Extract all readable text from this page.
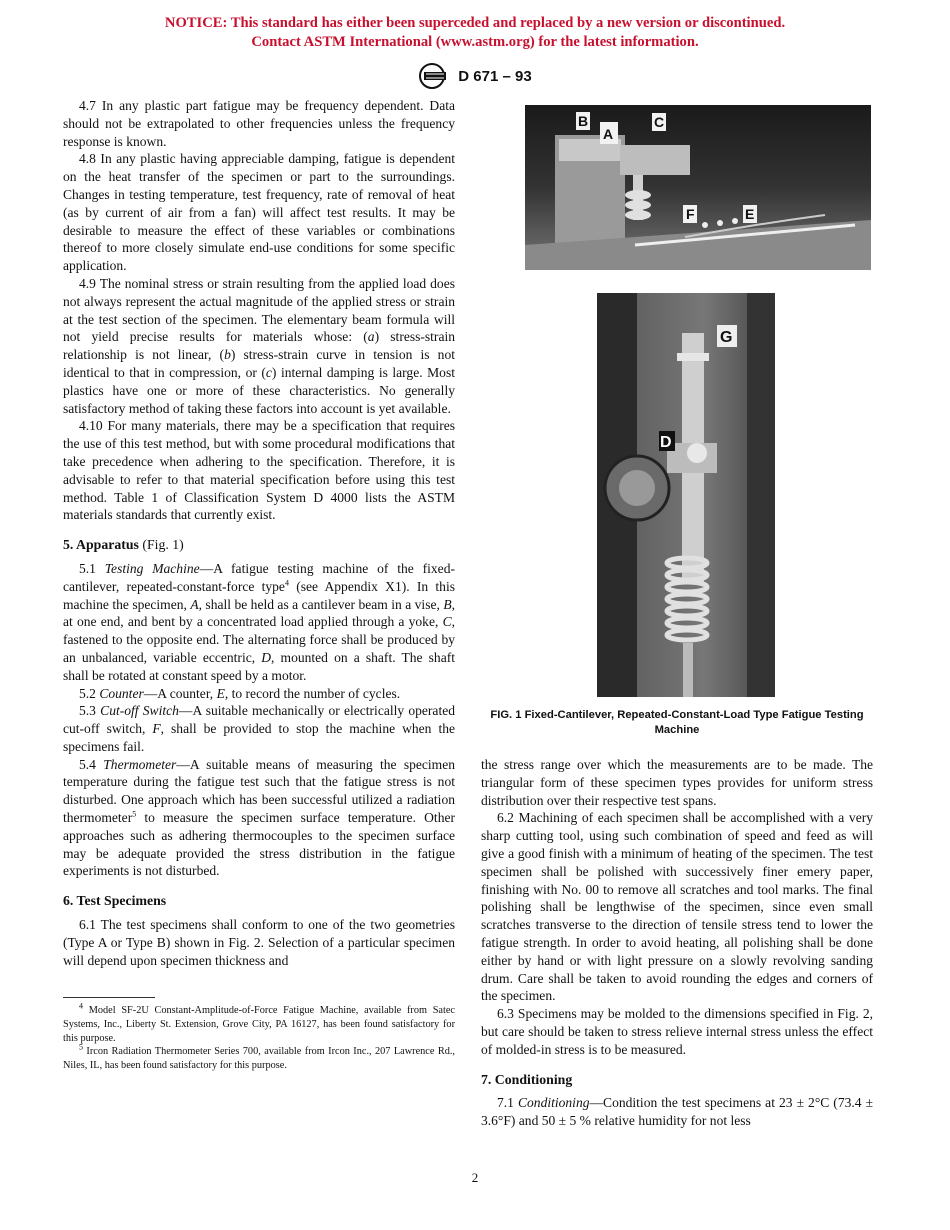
NOTICE: This standard has either been superceded and replaced by a new version or discontinued.
Contact ASTM International (www.astm.org) for the latest information.
D 671 – 93

4.7 In any plastic part fatigue may be frequency dependent. Data should not be extrapolated to other frequencies unless the frequency response is known.

4.8 In any plastic having appreciable damping, fatigue is dependent on the heat transfer of the specimen or part to the surroundings. Changes in testing temperature, test frequency, rate of removal of heat (as by current of air from a fan) will affect test results. It may be desirable to measure the effect of these variables or combinations thereof to more closely simulate end-use conditions for some specific application.

4.9 The nominal stress or strain resulting from the applied load does not always represent the actual magnitude of the applied stress or strain at the test section of the specimen. The elementary beam formula will not yield precise results for materials whose: (a) stress-strain relationship is not linear, (b) stress-strain curve in tension is not identical to that in compression, or (c) internal damping is large. Most plastics have one or more of these characteristics. No generally satisfactory method of taking these factors into account is yet available.

4.10 For many materials, there may be a specification that requires the use of this test method, but with some procedural modifications that take precedence when adhering to the specification. Therefore, it is advisable to refer to that material specification before using this test method. Table 1 of Classification System D 4000 lists the ASTM materials standards that currently exist.

5. Apparatus (Fig. 1)

5.1 Testing Machine—A fatigue testing machine of the fixed-cantilever, repeated-constant-force type$^4$ (see Appendix X1). In this machine the specimen, A, shall be held as a cantilever beam in a vise, B, at one end, and bent by a concentrated load applied through a yoke, C, fastened to the opposite end. The alternating force shall be produced by an unbalanced, variable eccentric, D, mounted on a shaft. The shaft shall be rotated at constant speed by a motor.

5.2 Counter—A counter, E, to record the number of cycles.

5.3 Cut-off Switch—A suitable mechanically or electrically operated cut-off switch, F, shall be provided to stop the machine when the specimens fail.

5.4 Thermometer—A suitable means of measuring the specimen temperature during the fatigue test such that the fatigue stress is not disturbed. One approach which has been successful utilized a radiation thermometer$^5$ to measure the specimen surface temperature. Other approaches such as adhering thermocouples to the specimen surface may be adequate provided the stress distribution in the fatigue experiments is not disturbed.

6. Test Specimens

6.1 The test specimens shall conform to one of the two geometries (Type A or Type B) shown in Fig. 2. Selection of a particular specimen will depend upon specimen thickness and

$^4$ Model SF-2U Constant-Amplitude-of-Force Fatigue Machine, available from Satec Systems, Inc., Liberty St. Extension, Grove City, PA 16127, has been found satisfactory for this purpose.

$^5$ Ircon Radiation Thermometer Series 700, available from Ircon Inc., 207 Lawrence Rd., Niles, IL, has been found satisfactory for this purpose.

B
A
C
F	E
G
D
FIG. 1 Fixed-Cantilever, Repeated-Constant-Load Type Fatigue Testing Machine

the stress range over which the measurements are to be made. The triangular form of these specimen types provides for uniform stress distribution over their respective test spans.

6.2 Machining of each specimen shall be accomplished with a very sharp cutting tool, using such combination of speed and feed as will give a good finish with a minimum of heating of the specimen. The test specimen shall be polished with successively finer emery paper, finishing with No. 00 to remove all scratches and tool marks. The final polishing shall be lengthwise of the specimen, since even small scratches transverse to the direction of tensile stress tend to lower the fatigue strength. In order to avoid heating, all polishing shall be done either by hand or with light pressure on a slowly revolving sanding drum. Care shall be taken to avoid rounding the edges and corners of the specimen.

6.3 Specimens may be molded to the dimensions specified in Fig. 2, but care should be taken to stress relieve internal stress unless the effect of molded-in stress is to be measured.

7. Conditioning

7.1 Conditioning—Condition the test specimens at 23 ± 2°C (73.4 ± 3.6°F) and 50 ± 5 % relative humidity for not less

2
